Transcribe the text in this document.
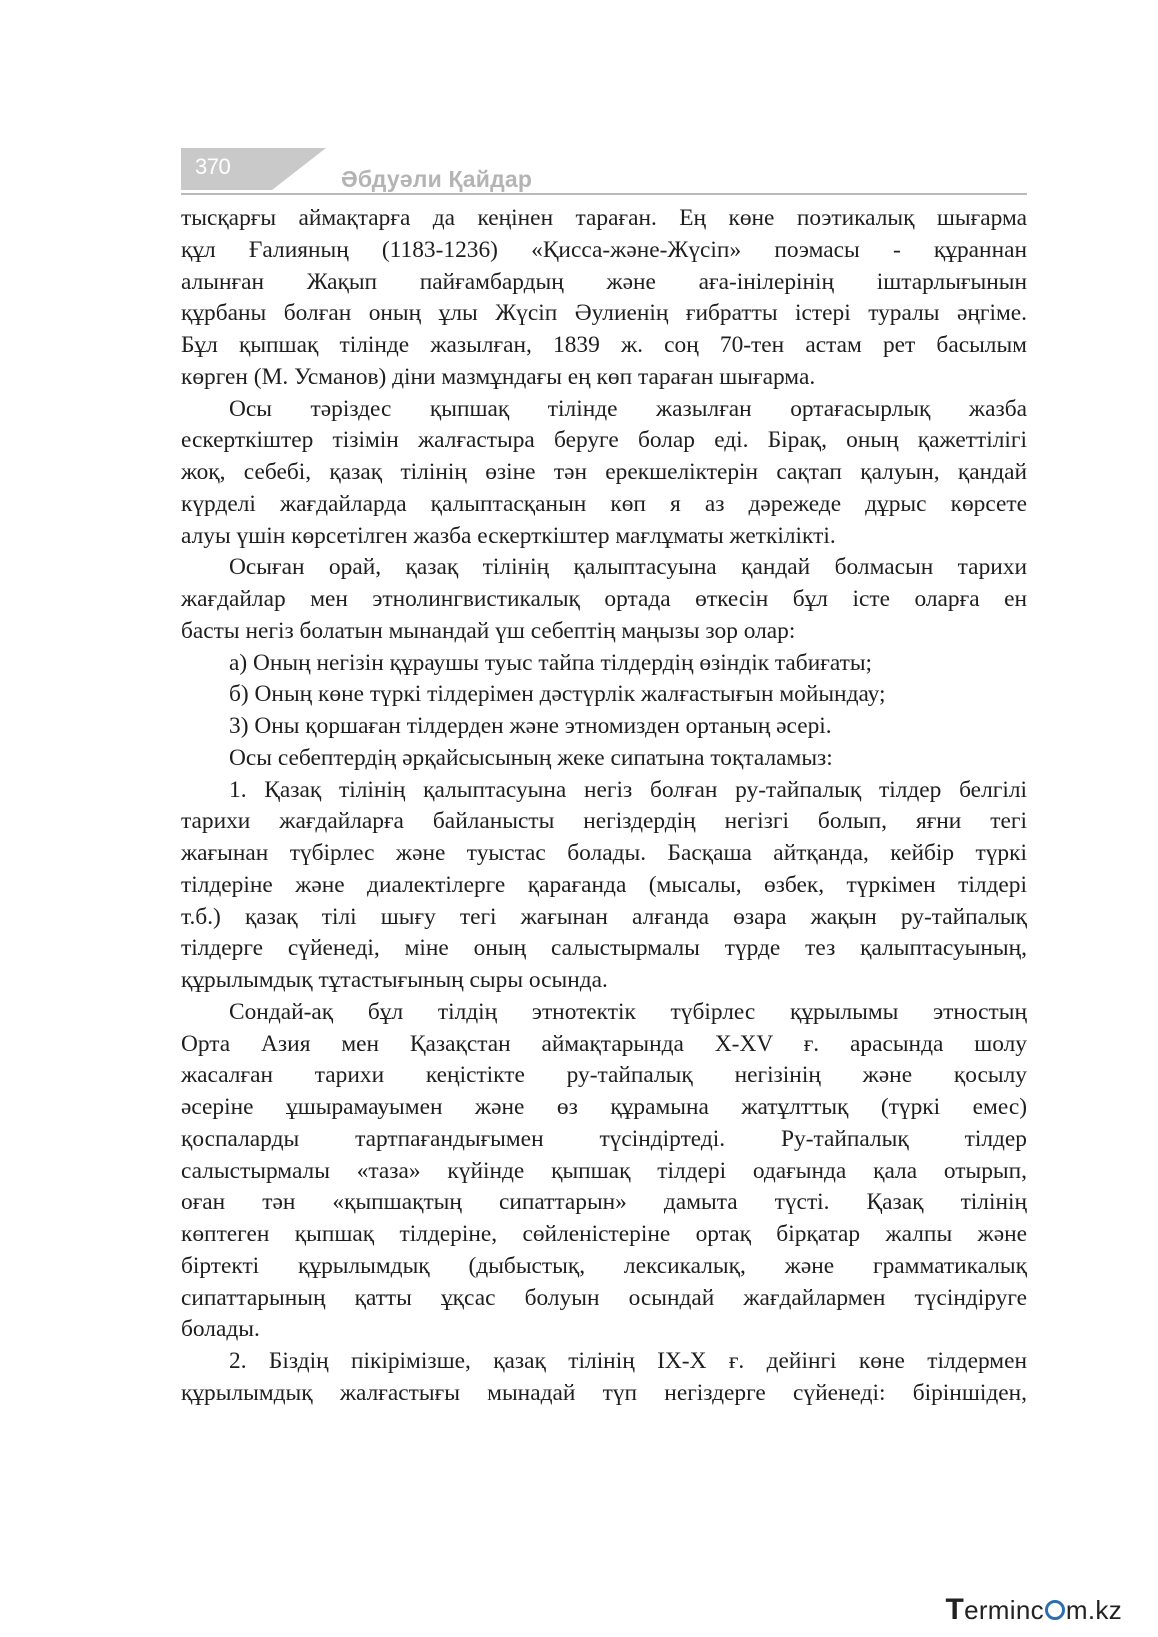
370	Әбдуәли Қайдар
тысқарғы аймақтарға да кеңінен тараған. Ең көне поэтикалық шығарма
құл Ғалияның (1183-1236) «Қисса-және-Жүсіп» поэмасы - құраннан
алынған Жақып пайғамбардың және аға-інілерінің іштарлығынын
құрбаны болған оның ұлы Жүсіп Әулиенің ғибратты істері туралы әңгіме.
Бұл қыпшақ тілінде жазылған, 1839 ж. соң 70-тен астам рет басылым
көрген (М. Усманов) діни мазмұндағы ең көп тараған шығарма.
Осы тәріздес қыпшақ тілінде жазылған ортағасырлық жазба
ескерткіштер тізімін жалғастыра беруге болар еді. Бірақ, оның қажеттілігі
жоқ, себебі, қазақ тілінің өзіне тән ерекшеліктерін сақтап қалуын, қандай
күрделі жағдайларда қалыптасқанын көп я аз дәрежеде дұрыс көрсете
алуы үшін көрсетілген жазба ескерткіштер мағлұматы жеткілікті.
Осыған орай, қазақ тілінің қалыптасуына қандай болмасын тарихи
жағдайлар мен этнолингвистикалық ортада өткесін бұл істе оларға ен
басты негіз болатын мынандай үш себептің маңызы зор олар:
а) Оның негізін құраушы туыс тайпа тілдердің өзіндік табиғаты;
б) Оның көне түркі тілдерімен дәстүрлік жалғастығын мойындау;
3) Оны қоршаған тілдерден және этномизден ортаның әсері.
Осы себептердің әрқайсысының жеке сипатына тоқталамыз:
1. Қазақ тілінің қалыптасуына негіз болған ру-тайпалық тілдер белгілі
тарихи жағдайларға байланысты негіздердің негізгі болып, яғни тегі
жағынан түбірлес және туыстас болады. Басқаша айтқанда, кейбір түркі
тілдеріне және диалектілерге қарағанда (мысалы, өзбек, түркімен тілдері
т.б.) қазақ тілі шығу тегі жағынан алғанда өзара жақын ру-тайпалық
тілдерге сүйенеді, міне оның салыстырмалы түрде тез қалыптасуының,
құрылымдық тұтастығының сыры осында.
Сондай-ақ бұл тілдің этнотектік түбірлес құрылымы этностың
Орта Азия мен Қазақстан аймақтарында Х-ХV ғ. арасында шолу
жасалған тарихи кеңістікте ру-тайпалық негізінің және қосылу
әсеріне ұшырамауымен және өз құрамына жатұлттық (түркі емес)
қоспаларды тартпағандығымен түсіндіртеді. Ру-тайпалық тілдер
салыстырмалы «таза» күйінде қыпшақ тілдері одағында қала отырып,
оған тән «қыпшақтың сипаттарын» дамыта түсті. Қазақ тілінің
көптеген қыпшақ тілдеріне, сөйленістеріне ортақ бірқатар жалпы және
біртекті құрылымдық (дыбыстық, лексикалық, және грамматикалық
сипаттарының қатты ұқсас болуын осындай жағдайлармен түсіндіруге
болады.
2. Біздің пікірімізше, қазақ тілінің ІХ-Х ғ. дейінгі көне тілдермен
құрылымдық жалғастығы мынадай түп негіздерге сүйенеді: біріншіден,
Terminc m.kz
